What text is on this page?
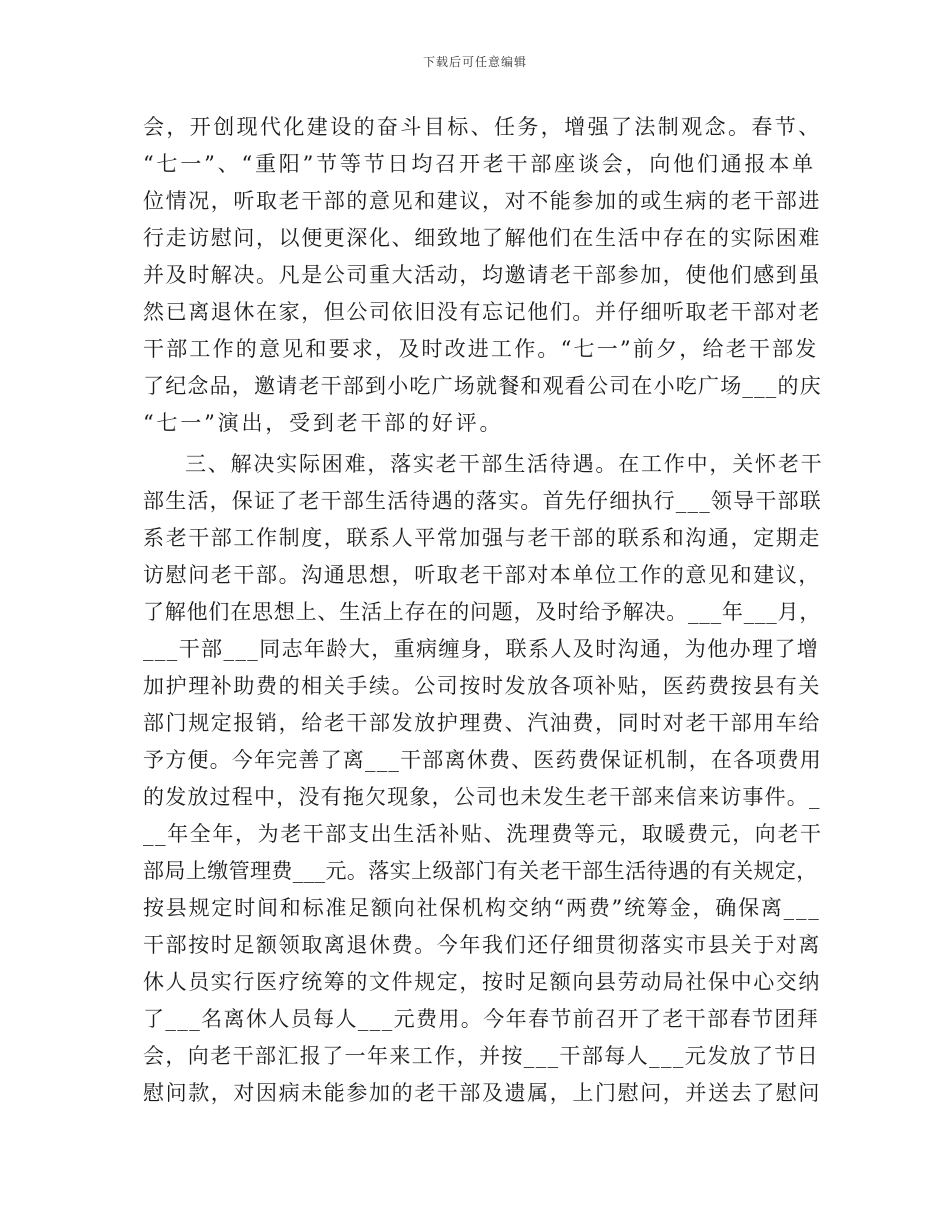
下载后可任意编辑
会，开创现代化建设的奋斗目标、任务，增强了法制观念。春节、
“七一”、“重阳”节等节日均召开老干部座谈会，向他们通报本单
位情况，听取老干部的意见和建议，对不能参加的或生病的老干部进
行走访慰问，以便更深化、细致地了解他们在生活中存在的实际困难
并及时解决。凡是公司重大活动，均邀请老干部参加，使他们感到虽
然已离退休在家，但公司依旧没有忘记他们。并仔细听取老干部对老
干部工作的意见和要求，及时改进工作。“七一”前夕，给老干部发
了纪念品，邀请老干部到小吃广场就餐和观看公司在小吃广场___的庆
“七一”演出，受到老干部的好评。
三、解决实际困难，落实老干部生活待遇。在工作中，关怀老干
部生活，保证了老干部生活待遇的落实。首先仔细执行___领导干部联
系老干部工作制度，联系人平常加强与老干部的联系和沟通，定期走
访慰问老干部。沟通思想，听取老干部对本单位工作的意见和建议，
了解他们在思想上、生活上存在的问题，及时给予解决。___年___月，
___干部___同志年龄大，重病缠身，联系人及时沟通，为他办理了增
加护理补助费的相关手续。公司按时发放各项补贴，医药费按县有关
部门规定报销，给老干部发放护理费、汽油费，同时对老干部用车给
予方便。今年完善了离___干部离休费、医药费保证机制，在各项费用
的发放过程中，没有拖欠现象，公司也未发生老干部来信来访事件。_
__年全年，为老干部支出生活补贴、洗理费等元，取暖费元，向老干
部局上缴管理费___元。落实上级部门有关老干部生活待遇的有关规定，
按县规定时间和标准足额向社保机构交纳“两费”统筹金，确保离___
干部按时足额领取离退休费。今年我们还仔细贯彻落实市县关于对离
休人员实行医疗统筹的文件规定，按时足额向县劳动局社保中心交纳
了___名离休人员每人___元费用。今年春节前召开了老干部春节团拜
会，向老干部汇报了一年来工作，并按___干部每人___元发放了节日
慰问款，对因病未能参加的老干部及遗属，上门慰问，并送去了慰问
